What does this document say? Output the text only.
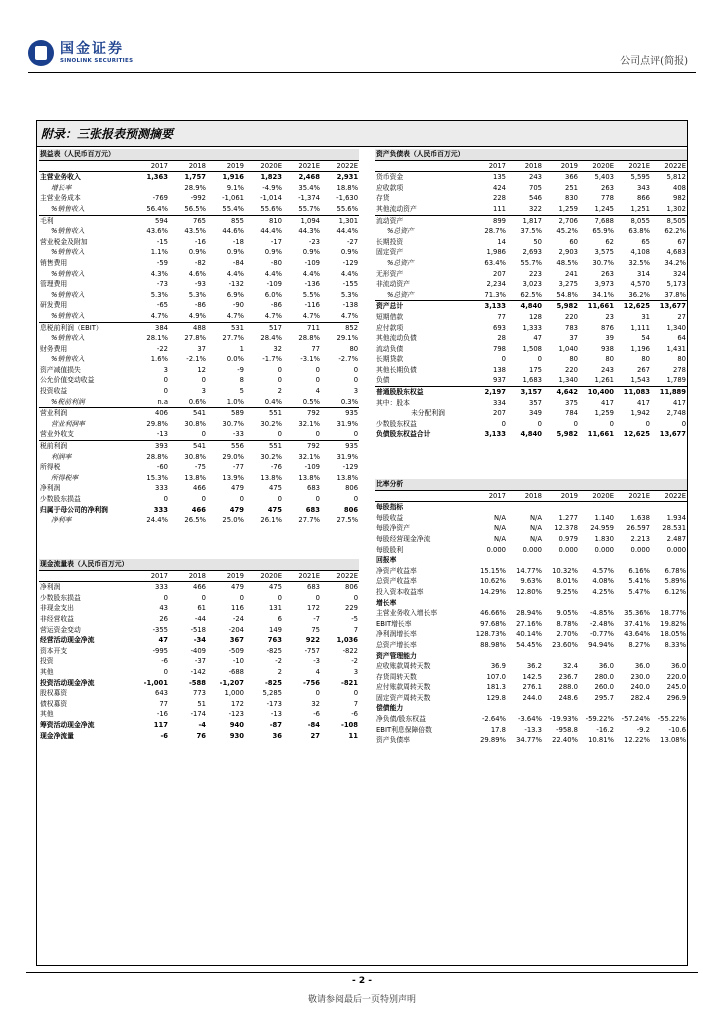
国金证券
SINOLINK SECURITIES	公司点评(简报)
附录：三张报表预测摘要
损益表（人民币百万元）						
	2017	2018	2019	2020E	2021E	2022E
主营业务收入	1,363	1,757	1,916	1,823	2,468	2,931
增长率		28.9%	9.1%	-4.9%	35.4%	18.8%
主营业务成本	-769	-992	-1,061	-1,014	-1,374	-1,630
%销售收入	56.4%	56.5%	55.4%	55.6%	55.7%	55.6%
毛利	594	765	855	810	1,094	1,301
%销售收入	43.6%	43.5%	44.6%	44.4%	44.3%	44.4%
营业税金及附加	-15	-16	-18	-17	-23	-27
%销售收入	1.1%	0.9%	0.9%	0.9%	0.9%	0.9%
销售费用	-59	-82	-84	-80	-109	-129
%销售收入	4.3%	4.6%	4.4%	4.4%	4.4%	4.4%
管理费用	-73	-93	-132	-109	-136	-155
%销售收入	5.3%	5.3%	6.9%	6.0%	5.5%	5.3%
研发费用	-65	-86	-90	-86	-116	-138
%销售收入	4.7%	4.9%	4.7%	4.7%	4.7%	4.7%
息税前利润（EBIT）	384	488	531	517	711	852
%销售收入	28.1%	27.8%	27.7%	28.4%	28.8%	29.1%
财务费用	-22	37	1	32	77	80
%销售收入	1.6%	-2.1%	0.0%	-1.7%	-3.1%	-2.7%
资产减值损失	3	12	-9	0	0	0
公允价值变动收益	0	0	8	0	0	0
投资收益	0	3	5	2	4	3
%税前利润	n.a	0.6%	1.0%	0.4%	0.5%	0.3%
营业利润	406	541	589	551	792	935
营业利润率	29.8%	30.8%	30.7%	30.2%	32.1%	31.9%
营业外收支	-13	0	-33	0	0	0
税前利润	393	541	556	551	792	935
利润率	28.8%	30.8%	29.0%	30.2%	32.1%	31.9%
所得税	-60	-75	-77	-76	-109	-129
所得税率	15.3%	13.8%	13.9%	13.8%	13.8%	13.8%
净利润	333	466	479	475	683	806
少数股东损益	0	0	0	0	0	0
归属于母公司的净利润	333	466	479	475	683	806
净利率	24.4%	26.5%	25.0%	26.1%	27.7%	27.5%
现金流量表（人民币百万元）						
	2017	2018	2019	2020E	2021E	2022E
净利润	333	466	479	475	683	806
少数股东损益	0	0	0	0	0	0
非现金支出	43	61	116	131	172	229
非经营收益	26	-44	-24	6	-7	-5
营运资金变动	-355	-518	-204	149	75	7
经营活动现金净流	47	-34	367	763	922	1,036
资本开支	-995	-409	-509	-825	-757	-822
投资	-6	-37	-10	-2	-3	-2
其他	0	-142	-688	2	4	3
投资活动现金净流	-1,001	-588	-1,207	-825	-756	-821
股权募资	643	773	1,000	5,285	0	0
债权募资	77	51	172	-173	32	7
其他	-16	-174	-123	-13	-6	-6
筹资活动现金净流	117	-4	940	-87	-84	-108
现金净流量	-6	76	930	36	27	11
资产负债表（人民币百万元）						
	2017	2018	2019	2020E	2021E	2022E
货币资金	135	243	366	5,403	5,595	5,812
应收款项	424	705	251	263	343	408
存货	228	546	830	778	866	982
其他流动资产	111	322	1,259	1,245	1,251	1,302
流动资产	899	1,817	2,706	7,688	8,055	8,505
%总资产	28.7%	37.5%	45.2%	65.9%	63.8%	62.2%
长期投资	14	50	60	62	65	67
固定资产	1,986	2,693	2,903	3,575	4,108	4,683
%总资产	63.4%	55.7%	48.5%	30.7%	32.5%	34.2%
无形资产	207	223	241	263	314	324
非流动资产	2,234	3,023	3,275	3,973	4,570	5,173
%总资产	71.3%	62.5%	54.8%	34.1%	36.2%	37.8%
资产总计	3,133	4,840	5,982	11,661	12,625	13,677
短期借款	77	128	220	23	31	27
应付款项	693	1,333	783	876	1,111	1,340
其他流动负债	28	47	37	39	54	64
流动负债	798	1,508	1,040	938	1,196	1,431
长期贷款	0	0	80	80	80	80
其他长期负债	138	175	220	243	267	278
负债	937	1,683	1,340	1,261	1,543	1,789
普通股股东权益	2,197	3,157	4,642	10,400	11,083	11,889
其中：股本	334	357	375	417	417	417
未分配利润	207	349	784	1,259	1,942	2,748
少数股东权益	0	0	0	0	0	0
负债股东权益合计	3,133	4,840	5,982	11,661	12,625	13,677
比率分析						
	2017	2018	2019	2020E	2021E	2022E
每股指标						
每股收益	N/A	N/A	1.277	1.140	1.638	1.934
每股净资产	N/A	N/A	12.378	24.959	26.597	28.531
每股经营现金净流	N/A	N/A	0.979	1.830	2.213	2.487
每股股利	0.000	0.000	0.000	0.000	0.000	0.000
回报率						
净资产收益率	15.15%	14.77%	10.32%	4.57%	6.16%	6.78%
总资产收益率	10.62%	9.63%	8.01%	4.08%	5.41%	5.89%
投入资本收益率	14.29%	12.80%	9.25%	4.25%	5.47%	6.12%
增长率						
主营业务收入增长率	46.66%	28.94%	9.05%	-4.85%	35.36%	18.77%
EBIT增长率	97.68%	27.16%	8.78%	-2.48%	37.41%	19.82%
净利润增长率	128.73%	40.14%	2.70%	-0.77%	43.64%	18.05%
总资产增长率	88.98%	54.45%	23.60%	94.94%	8.27%	8.33%
资产管理能力						
应收账款周转天数	36.9	36.2	32.4	36.0	36.0	36.0
存货周转天数	107.0	142.5	236.7	280.0	230.0	220.0
应付账款周转天数	181.3	276.1	288.0	260.0	240.0	245.0
固定资产周转天数	129.8	244.0	248.6	295.7	282.4	296.9
偿债能力						
净负债/股东权益	-2.64%	-3.64%	-19.93%	-59.22%	-57.24%	-55.22%
EBIT利息保障倍数	17.8	-13.3	-958.8	-16.2	-9.2	-10.6
资产负债率	29.89%	34.77%	22.40%	10.81%	12.22%	13.08%
- 2 -
敬请参阅最后一页特别声明
